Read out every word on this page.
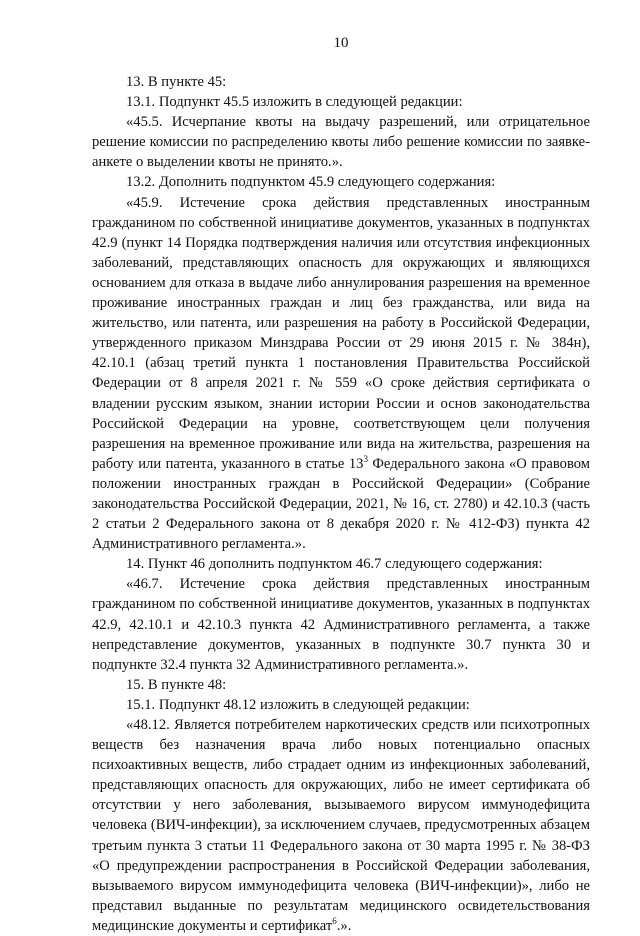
10

13. В пункте 45:

13.1. Подпункт 45.5 изложить в следующей редакции:

«45.5. Исчерпание квоты на выдачу разрешений, или отрицательное решение комиссии по распределению квоты либо решение комиссии по заявке-анкете о выделении квоты не принято.».

13.2. Дополнить подпунктом 45.9 следующего содержания:

«45.9. Истечение срока действия представленных иностранным гражданином по собственной инициативе документов, указанных в подпунктах 42.9 (пункт 14 Порядка подтверждения наличия или отсутствия инфекционных заболеваний, представляющих опасность для окружающих и являющихся основанием для отказа в выдаче либо аннулирования разрешения на временное проживание иностранных граждан и лиц без гражданства, или вида на жительство, или патента, или разрешения на работу в Российской Федерации, утвержденного приказом Минздрава России от 29 июня 2015 г. № 384н), 42.10.1 (абзац третий пункта 1 постановления Правительства Российской Федерации от 8 апреля 2021 г. № 559 «О сроке действия сертификата о владении русским языком, знании истории России и основ законодательства Российской Федерации на уровне, соответствующем цели получения разрешения на временное проживание или вида на жительства, разрешения на работу или патента, указанного в статье $13^3$ Федерального закона «О правовом положении иностранных граждан в Российской Федерации» (Собрание законодательства Российской Федерации, 2021, № 16, ст. 2780) и 42.10.3 (часть 2 статьи 2 Федерального закона от 8 декабря 2020 г. № 412-ФЗ) пункта 42 Административного регламента.».

14. Пункт 46 дополнить подпунктом 46.7 следующего содержания:

«46.7. Истечение срока действия представленных иностранным гражданином по собственной инициативе документов, указанных в подпунктах 42.9, 42.10.1 и 42.10.3 пункта 42 Административного регламента, а также непредставление документов, указанных в подпункте 30.7 пункта 30 и подпункте 32.4 пункта 32 Административного регламента.».

15. В пункте 48:

15.1. Подпункт 48.12 изложить в следующей редакции:

«48.12. Является потребителем наркотических средств или психотропных веществ без назначения врача либо новых потенциально опасных психоактивных веществ, либо страдает одним из инфекционных заболеваний, представляющих опасность для окружающих, либо не имеет сертификата об отсутствии у него заболевания, вызываемого вирусом иммунодефицита человека (ВИЧ-инфекции), за исключением случаев, предусмотренных абзацем третьим пункта 3 статьи 11 Федерального закона от 30 марта 1995 г. № 38-ФЗ «О предупреждении распространения в Российской Федерации заболевания, вызываемого вирусом иммунодефицита человека (ВИЧ-инфекции)», либо не представил выданные по результатам медицинского освидетельствования медицинские документы и сертификат$^6$.».
